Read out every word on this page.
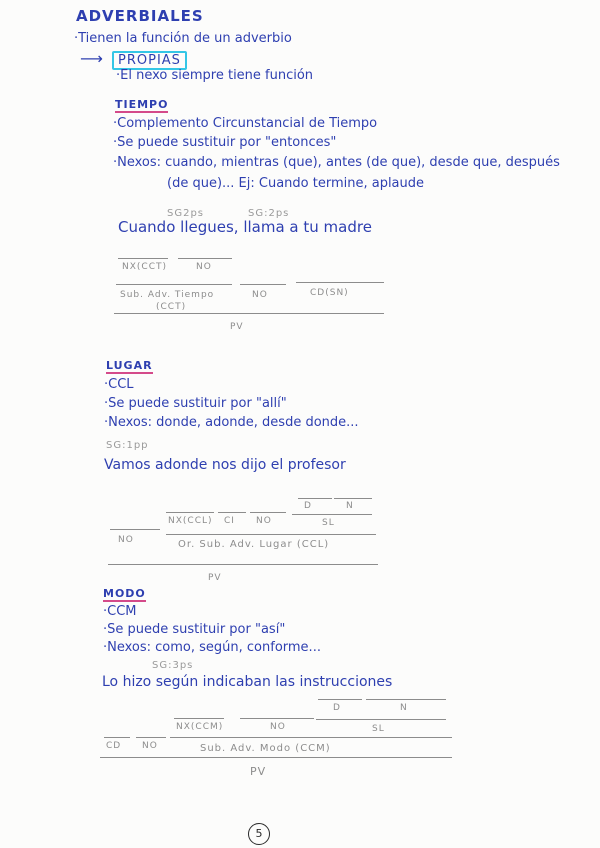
ADVERBIALES
·Tienen la función de un adverbio
⟶	PROPIAS
·El nexo siempre tiene función
TIEMPO
·Complemento Circunstancial de Tiempo
·Se puede sustituir por "entonces"
·Nexos: cuando, mientras (que), antes (de que), desde que, después
(de que)... Ej: Cuando termine, aplaude
SG2ps	SG:2ps
Cuando llegues, llama a tu madre
NX(CCT)	NO
Sub. Adv. Tiempo
(CCT)
NO	CD(SN)
PV
LUGAR
·CCL
·Se puede sustituir por "allí"
·Nexos: donde, adonde, desde donde...
SG:1pp
Vamos adonde nos dijo el profesor
D	N
NX(CCL) CI NO	SL
NO	Or. Sub. Adv. Lugar (CCL)
PV
MODO
·CCM
·Se puede sustituir por "así"
·Nexos: como, según, conforme...
SG:3ps
Lo hizo según indicaban las instrucciones
D	N
NX(CCM)	NO	SL
CD NO	Sub. Adv. Modo (CCM)
PV
5
